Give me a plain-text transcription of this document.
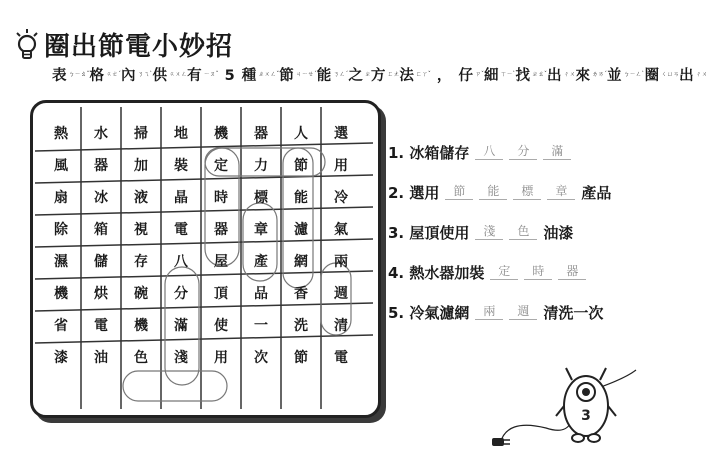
圈出節電小妙招
表$^{ㄅㄧㄠˇ}$格$^{ㄍㄜˊ}$內$^{ㄋㄟˋ}$供$^{ㄍㄨㄥ}$有$^{ㄧㄡˇ}$ 5 種$^{ㄓㄨㄥˇ}$節$^{ㄐㄧㄝˊ}$能$^{ㄋㄥˊ}$之$^ㄓ$方$^{ㄈㄤ}$法$^{ㄈㄚˇ}$ ， 仔$^{ㄗˇ}$細$^{ㄒㄧˋ}$找$^{ㄓㄠˇ}$出$^{ㄔㄨ}$來$^{ㄌㄞˊ}$並$^{ㄅㄧㄥˋ}$圈$^{ㄑㄩㄢ}$出$^{ㄔㄨ}$
熱	水	掃	地	機	器	人	選
風	器	加	裝	定	力	節	用
扇	冰	液	晶	時	標	能	冷
除	箱	視	電	器	章	濾	氣
濕	儲	存	八	屋	產	網	兩
機	烘	碗	分	頂	品	香	週
省	電	機	滿	使	一	洗	清
漆	油	色	淺	用	次	節	電
1. 冰箱儲存	八	分	滿
2. 選用	節	能	標	章 產品
3. 屋頂使用	淺	色 油漆
4. 熱水器加裝	定	時	器
5. 冷氣濾網	兩	週 清洗一次
3
